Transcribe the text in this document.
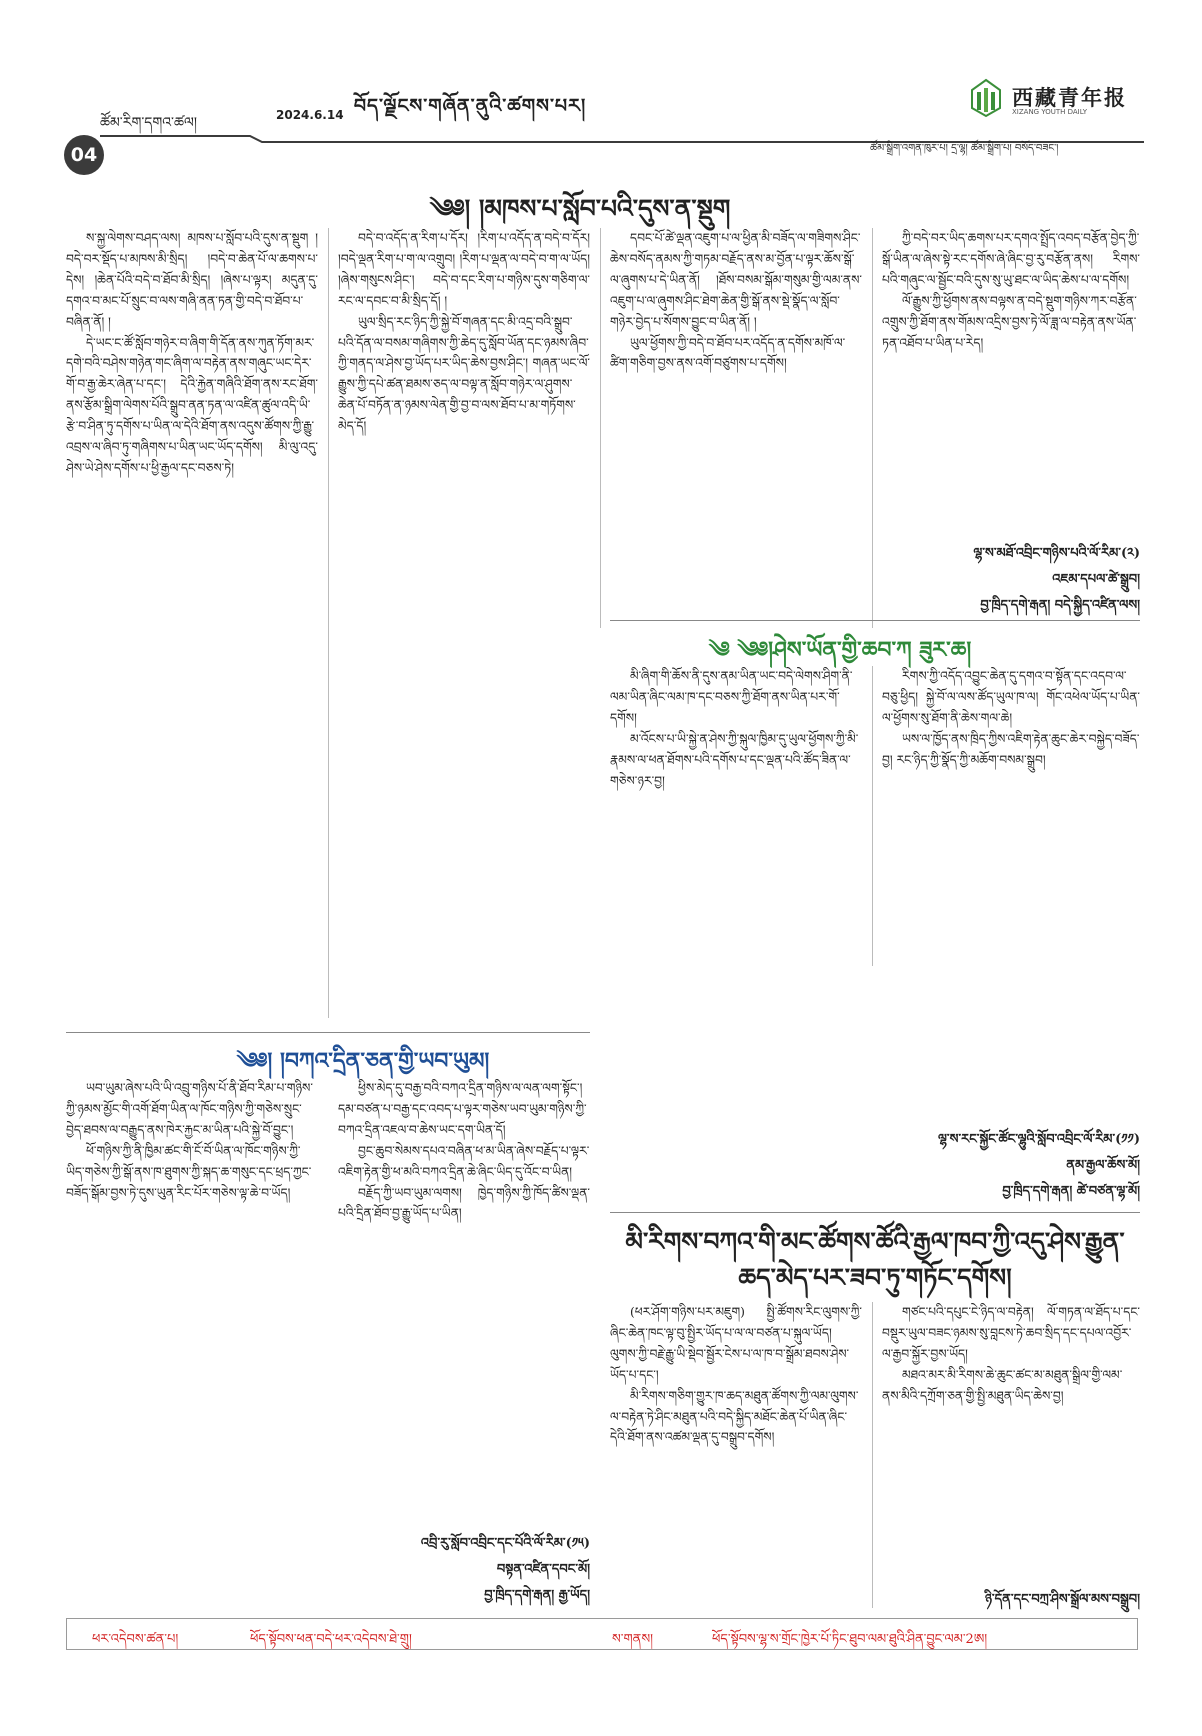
བོད་ལྗོངས་གཞོན་ནུའི་ཚགས་པར།	西藏青年报
XIZANG YOUTH DAILY
ཚོམ་རིག་དགའ་ཚལ།	2024.6.14
04	ཚོམ་སྒྲིག་འགན་ཁུར་པ། དྲ་ལྷ། ཚོམ་སྒྲིག་པ། བསོད་བཟང་།
༄༅། །མཁས་པ་སློབ་པའི་དུས་ན་སྡུག

ས་སྐྱ་ལེགས་བཤད་ལས། མཁས་པ་སློབ་པའི་དུས་ན་སྡུག །བདེ་བར་སྡོད་པ་མཁས་མི་སྲིད། །བདེ་བ་ཆེན་པོ་ལ་ཆགས་པ་དེས། །ཆེན་པོའི་བདེ་བ་ཐོབ་མི་སྲིད། །ཞེས་པ་ལྟར། མདུན་དུ་དགའ་བ་མང་པོ་སྲུང་བ་ལས་གཞི་ནན་ཏན་གྱི་བདེ་བ་ཐོབ་པ་བཞིན་ནོ། །

དེ་ཡང་ང་ཚོ་སློབ་གཉེར་བ་ཞིག་གི་དོན་ནས་ཀུན་ཏོག་མར་དགེ་བའི་བཤེས་གཉེན་གང་ཞིག་ལ་བརྟེན་ནས་གཞུང་ཡང་དེར་གོ་བ་རྒྱ་ཆེར་ཞེན་པ་དང་། དེའི་རྐྱེན་གཞིའི་ཐོག་ནས་རང་ཐོག་ནས་རྩོམ་སྒྲིག་ལེགས་པོའི་སྒྲུབ་ནན་ཏན་ལ་འཛིན་ཚུལ་འདི་ཡི་རྩེ་བ་ཤིན་ཏུ་དགོས་པ་ཡིན་ལ་དེའི་ཐོག་ནས་འདུས་ཚོགས་ཀྱི་རྒྱུ་འབྲས་ལ་ཞིབ་ཏུ་གཞིགས་པ་ཡིན་ཡང་ཡོད་དགོས། མི་ལུ་འདུ་ཤེས་ཡེ་ཤེས་དགོས་པ་ཕྱི་རྒྱལ་དང་བཅས་ཏེ།

བདེ་བ་འདོད་ན་རིག་པ་དོར། །རིག་པ་འདོད་ན་བདེ་བ་དོར། །བདེ་ལྡན་རིག་པ་ག་ལ་འགྲུབ། །རིག་པ་ལྡན་ལ་བདེ་བ་ག་ལ་ཡོད། །ཞེས་གསུངས་ཤིང་། བདེ་བ་དང་རིག་པ་གཉིས་དུས་གཅིག་ལ་རང་ལ་དབང་བ་མི་སྲིད་དོ། །

ཡུལ་སྲིད་རང་ཉིད་ཀྱི་སྐྱེ་བོ་གཞན་དང་མི་འདྲ་བའི་སྒྲུབ་པའི་དོན་ལ་བསམ་གཞིགས་ཀྱི་ཆེད་དུ་སློབ་ཡོན་དང་ཉམས་ཞིབ་ཀྱི་གནད་ལ་ཤེས་བྱ་ཡོད་པར་ཡིད་ཆེས་བྱས་ཤིང་། གཞན་ཡང་ལོ་རྒྱུས་ཀྱི་དཔེ་ཚན་ཐམས་ཅད་ལ་བལྟ་ན་སློབ་གཉེར་ལ་ཤུགས་ཆེན་པོ་བཏོན་ན་ཉམས་ལེན་གྱི་བྱ་བ་ལས་ཐོབ་པ་མ་གཏོགས་མེད་དོ།

དབང་པོ་ཚེ་ལྡན་འཇུག་པ་ལ་ཕྱིན་མི་བཟོད་ལ་གཟིགས་ཤིང་ཆེས་བསོད་ནམས་ཀྱི་གཏམ་བརྗོད་ནས་མ་བྱོན་པ་ལྟར་ཆོས་སྒོ་ལ་ཞུགས་པ་དེ་ཡིན་ནོ། །ཐོས་བསམ་སྒོམ་གསུམ་གྱི་ལམ་ནས་འཇུག་པ་ལ་ཞུགས་ཤིང་ཐེག་ཆེན་གྱི་སྒོ་ནས་སྡེ་སྣོད་ལ་སློབ་གཉེར་བྱེད་པ་སོགས་བྱུང་བ་ཡིན་ནོ། །

ཡུལ་ཕྱོགས་ཀྱི་བདེ་བ་ཐོབ་པར་འདོད་ན་དགོས་མཁོ་ལ་ཚིག་གཅིག་བྱས་ནས་འགོ་བཙུགས་པ་དགོས།

ཀྱི་བདེ་བར་ཡིད་ཆགས་པར་དགའ་སྤྲོད་འབད་བརྩོན་བྱེད་ཀྱི་སྒོ་ཡིན་ལ་ཞེས་སྟེ་རང་དགོས་ཞེ་ཞིང་བྱ་རུ་བརྩོན་ནས། རིགས་པའི་གཞུང་ལ་སྦྱོང་བའི་དུས་སུ་ཡུ་ཐང་ལ་ཡིད་ཆེས་པ་ལ་དགོས།

ལོ་རྒྱུས་ཀྱི་ཕྱོགས་ནས་བལྟས་ན་བདེ་སྡུག་གཉིས་ཀར་བརྩོན་འགྲུས་ཀྱི་ཐོག་ནས་གོམས་འདྲིས་བྱས་ཏེ་ལོ་ཟླ་ལ་བརྟེན་ནས་ཡོན་ཏན་འཐོབ་པ་ཡིན་པ་རེད།

ལྷ་ས་མཐོ་འབྲིང་གཉིས་པའི་ལོ་རིམ་(༢)
འཇམ་དཔལ་ཚེ་སྒྲུབ།
བྱ་ཁྲིད་དགེ་རྒན། བདེ་སྐྱིད་འཛིན་ལས།
༄༅། །བཀའ་དྲིན་ཅན་གྱི་ཡབ་ཡུམ།

ཡབ་ཡུམ་ཞེས་པའི་ཡི་འབྲུ་གཉིས་པོ་ནི་ཐོབ་རིམ་པ་གཉིས་ཀྱི་ཉམས་མྱོང་གི་འགོ་ཐོག་ཡིན་ལ་ཁོང་གཉིས་ཀྱི་གཅེས་སྲུང་བྱེད་ཐབས་ལ་བརྒྱུད་ནས་ཁེར་རྐྱང་མ་ཡིན་པའི་སྐྱེ་བོ་བྱུང་།

ཕོ་གཉིས་ཀྱི་ནི་ཁྱིམ་ཚང་གི་ངོ་བོ་ཡིན་ལ་ཁོང་གཉིས་ཀྱི་ཡིད་གཅེས་ཀྱི་སྒོ་ནས་ཁ་ཐུགས་ཀྱི་སྐད་ཆ་གསུང་དང་ཕྲད་ཀྱང་བཟོད་སྒོམ་བྱས་ཏེ་དུས་ཡུན་རིང་པོར་གཅེས་ལྟ་ཆེ་བ་ཡོད།

ཕྱིས་མེད་དུ་བརྒྱ་བའི་བཀའ་དྲིན་གཉིས་ལ་ལན་ལག་སྟོང་། དམ་བཙན་པ་བརྒྱ་དང་འབད་པ་ལྟར་གཅེས་ཡབ་ཡུམ་གཉིས་ཀྱི་བཀའ་དྲིན་འཇལ་བ་ཆེས་ཡང་དག་ཡིན་དོ།

བྱང་ཆུབ་སེམས་དཔའ་བཞིན་ཕ་མ་ཡིན་ཞེས་བརྗོད་པ་ལྟར་འཇིག་རྟེན་གྱི་ཕ་མའི་བཀའ་དྲིན་ཆེ་ཞིང་ཡིད་དུ་འོང་བ་ཡིན།

བརྗོད་ཀྱི་ཡབ་ཡུམ་ལགས། ཁྱེད་གཉིས་ཀྱི་ཁོད་ཚིས་ལྡན་པའི་དྲིན་ཐོབ་བྱ་རྒྱུ་ཡོད་པ་ཡིན།

འབྲི་རུ་སློབ་འབྲིང་དང་པོའི་ལོ་རིམ་(༡༥)
བསྟན་འཛིན་དབང་མོ།
བྱ་ཁྲིད་དགེ་རྒན། རྒྱ་ཡོད།
༄ ༄༅།ཤེས་ཡོན་གྱི་ཆབ་ཀ ཟུར་ཆ།

མི་ཞིག་གི་ཆོས་ནི་དུས་ནམ་ཡིན་ཡང་བདེ་ལེགས་ཤིག་ནི་ལམ་ཡིན་ཞིང་ལམ་ཁ་དང་བཅས་ཀྱི་ཐོག་ནས་ཡིན་པར་གོ་དགོས།

མ་འོངས་པ་ཡི་སྐྱེ་ན་ཤེས་ཀྱི་སྐུལ་ཁྱིམ་དུ་ཡུལ་ཕྱོགས་ཀྱི་མི་རྣམས་ལ་ཕན་ཐོགས་པའི་དགོས་པ་དང་ལྡན་པའི་ཚོད་ཟིན་ལ་གཅེས་ཉར་བྱ།

རིགས་ཀྱི་འདོད་འབྱུང་ཆེན་དུ་དགའ་བ་སྟོན་དང་འདབ་ལ་བཅུ་ཕྱིད། སྐྱེ་བོ་ལ་ལས་ཚོད་ཡུལ་ཁ་ལ། གོང་འཕེལ་ཡོད་པ་ཡིན་ལ་ཕྱོགས་སུ་ཐོག་ནི་ཆེས་གལ་ཆེ།

ཡས་ལ་ཁྱོད་ནས་ཁྲིད་ཀྱིས་འཇིག་རྟེན་ཆུང་ཆེར་བསྐྱེད་བཟོད་བྱ། རང་ཉིད་ཀྱི་སྣོད་ཀྱི་མཆོག་བསམ་སྒྲུབ།

ལྷ་ས་རང་སྐྱོང་ཚོང་ལྷུའི་སློབ་འབྲིང་ལོ་རིམ་(༡༡)
ནམ་རྒྱལ་ཆོས་མོ།
བྱ་ཁྲིད་དགེ་རྒན། ཚེ་བཙན་ལྷ་མོ།
མི་རིགས་བཀའ་གི་མང་ཚོགས་ཚོའི་རྒྱལ་ཁབ་ཀྱི་འདུ་ཤེས་རྒྱུན་
ཆད་མེད་པར་ཟབ་ཏུ་གཏོང་དགོས།

(ཕར་ཤོག་གཉིས་པར་མཇུག) སྤྱི་ཚོགས་རིང་ལུགས་ཀྱི་ཞིང་ཆེན་ཁང་ལྟ་བུ་སྤྱིར་ཡོད་པ་ལ་ལ་བཙན་པ་སྐུལ་ཡོད། ལུགས་ཀྱི་བརྗེ་རྒྱུ་ཡི་སྡེབ་སྦྱོར་ངེས་པ་ལ་ཁ་བ་སྒྲོམ་ཐབས་ཤེས་ཡོད་པ་དང་།

མི་རིགས་གཅིག་གྱུར་ཁ་ཆད་མཐུན་ཚོགས་ཀྱི་ལམ་ལུགས་ལ་བརྟེན་ཏེ་ཤིང་མཐུན་པའི་བདེ་སྐྱིད་མཐོང་ཆེན་པོ་ཡིན་ཞིང་དེའི་ཐོག་ནས་འཚམ་ལྡན་དུ་བསྒྲུབ་དགོས།

གཙང་པའི་དཔུང་ངེ་ཉིད་ལ་བརྟེན། ལོ་གཏན་ལ་ཐོད་པ་དང་བསྡུར་ཡུལ་བཟང་ཉམས་སུ་བླངས་ཏེ་ཆབ་སྲིད་དང་དཔལ་འབྱོར་ལ་རྒྱབ་སྐྱོར་བྱས་ཡོད།

མཐའ་མར་མི་རིགས་ཆེ་ཆུང་ཚང་མ་མཐུན་སྒྲིལ་གྱི་ལམ་ནས་མིའི་དཀྲོག་ཅན་གྱི་སྤྱི་མཐུན་ཡིད་ཆེས་བྱ།

ཉི་དོན་དང་བཀྲ་ཤིས་སྒྲོལ་མས་བསྒྲུབ།
ཕར་འདེབས་ཚན་པ།	ཕོད་སྟོབས་ཕན་བདེ་ཕར་འདེབས་ཐེ་གྲུ།	ས་གནས།	ཕོད་སྟོབས་ལྷ་ས་གྲོང་ཁྱེར་པོ་ཏིང་ཐུབ་ལམ་ཐུའི་ཤིན་བྱུང་ལམ་2ཨ།
